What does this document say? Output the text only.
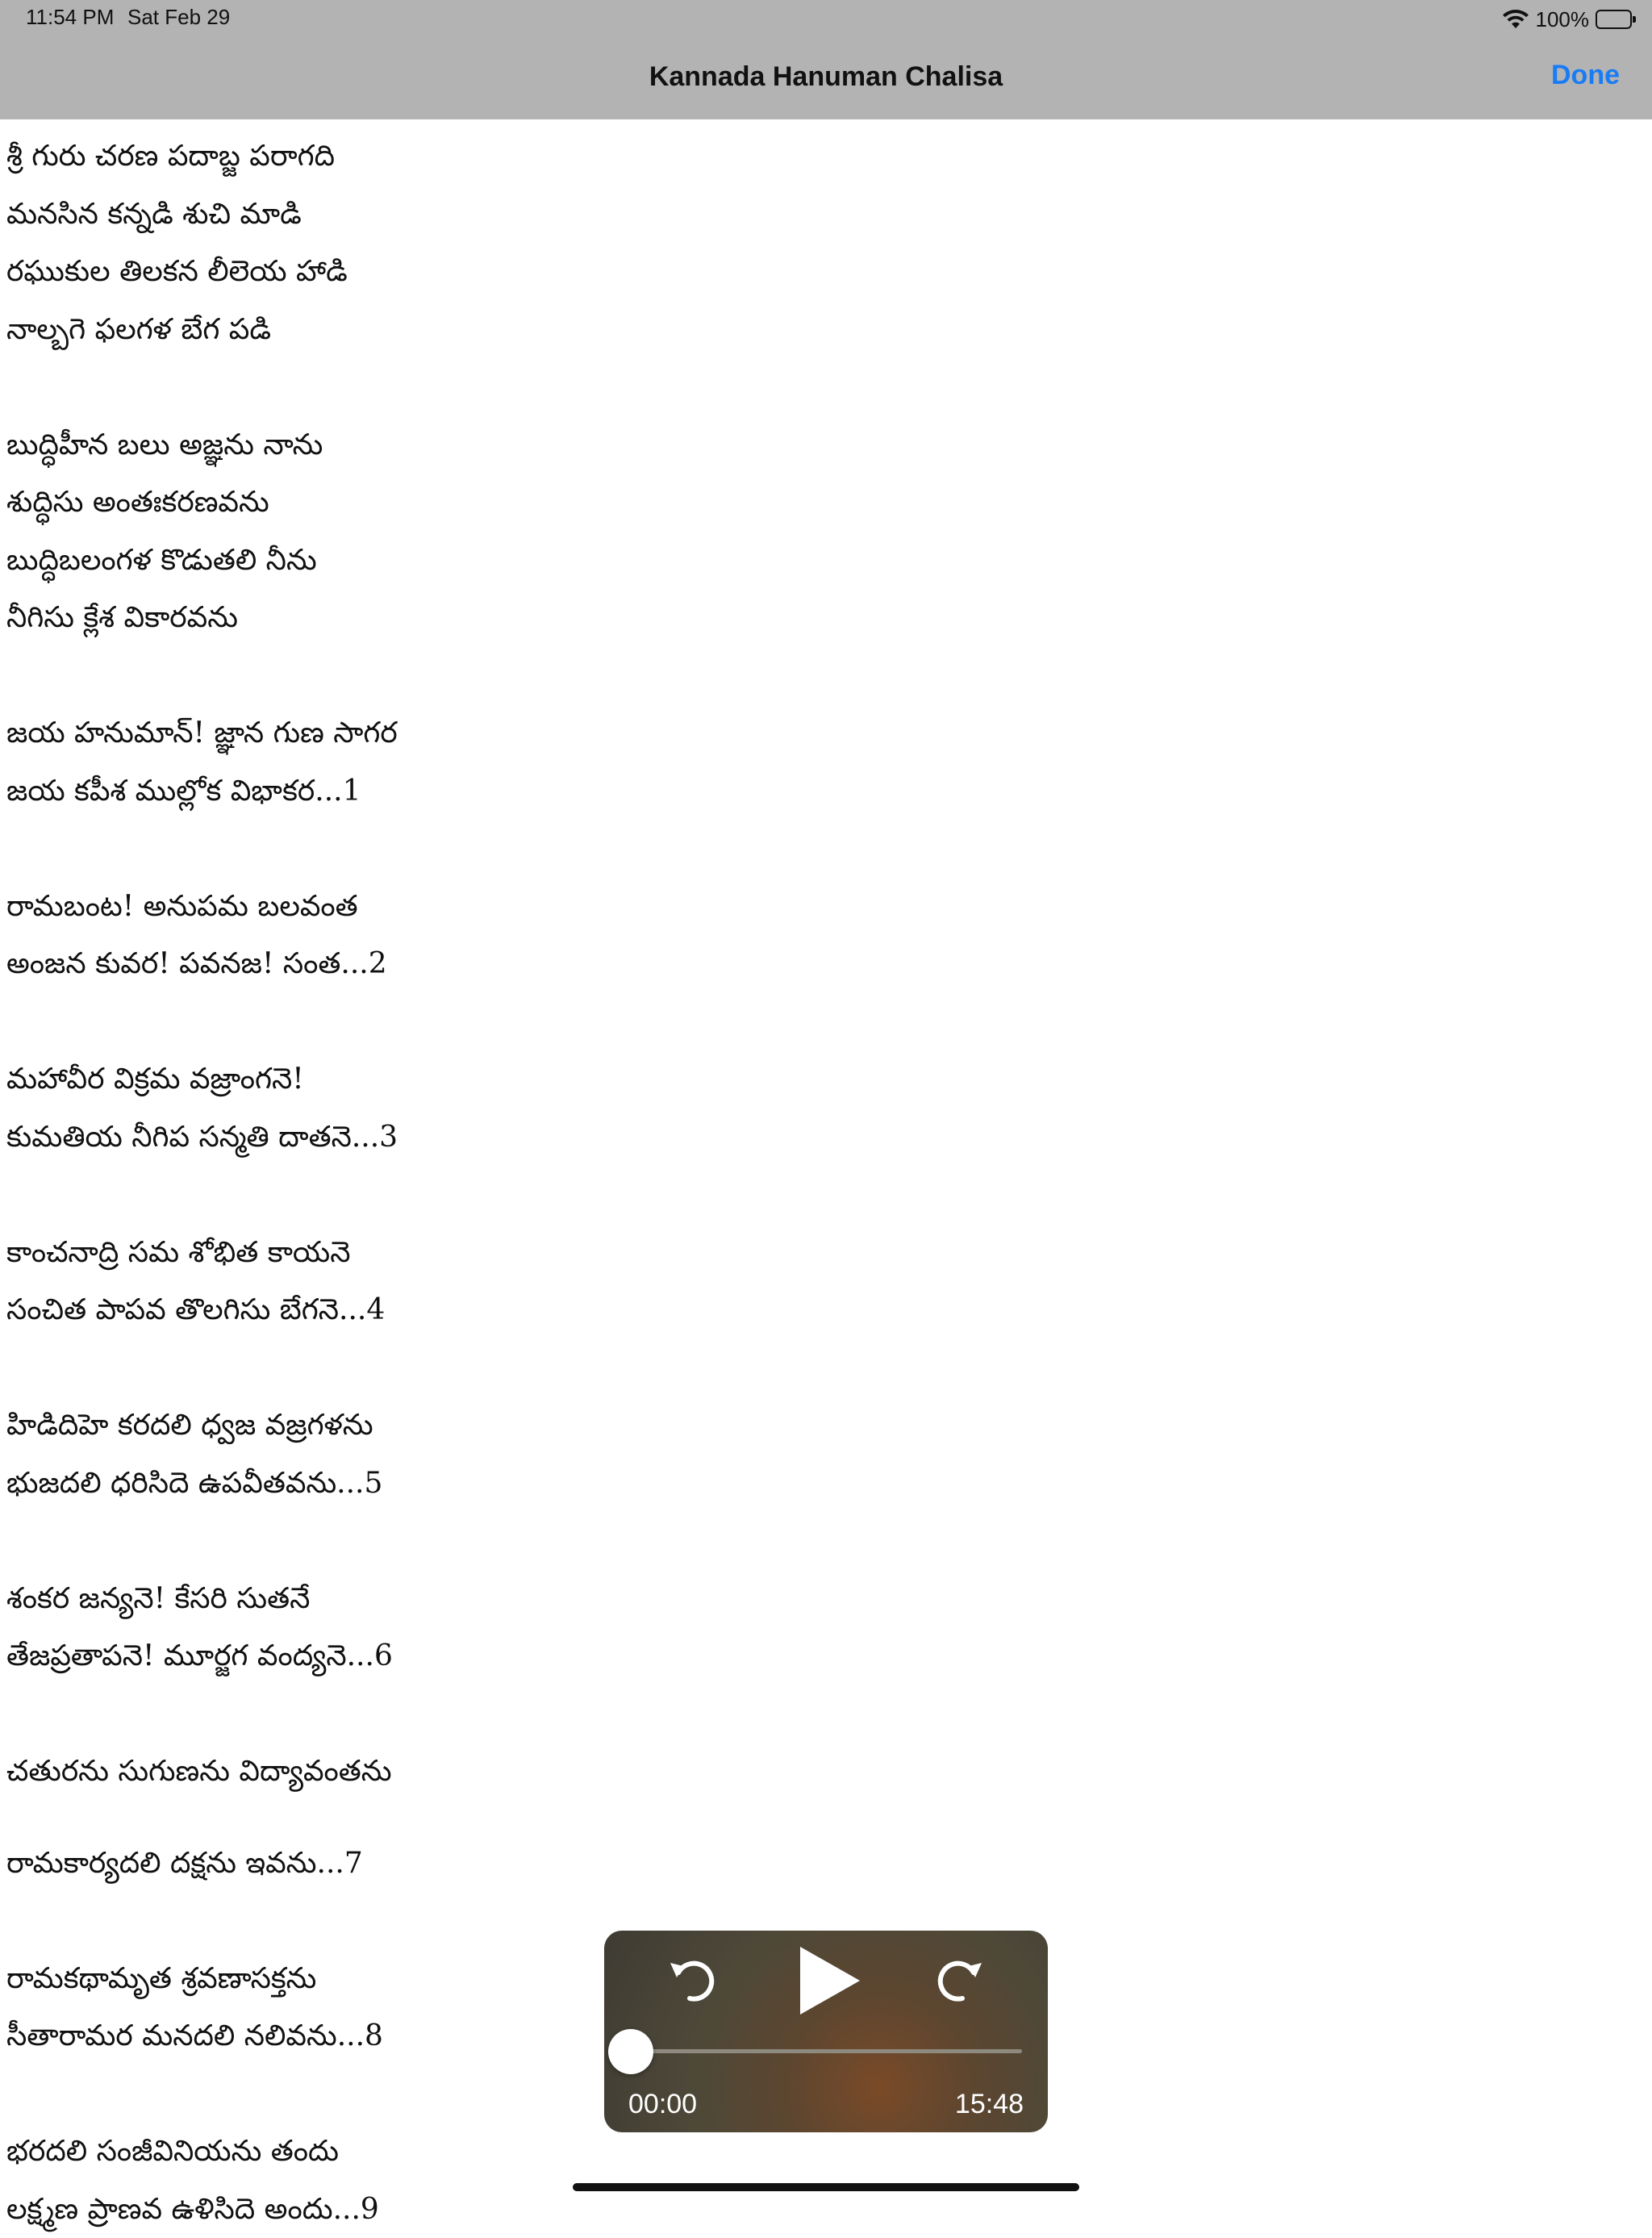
11:54 PM Sat Feb 29	100%
Kannada Hanuman Chalisa	Done
శ్రీ గురు చరణ పదాబ్జ పరాగది
మనసిన కన్నడి శుచి మాడి
రఘుకుల తిలకన లీలెయ హాడి
నాల్బగె ఫలగళ బేగ పడి
బుద్ధిహీన బలు అజ్ఞను నాను
శుద్ధిసు అంతఃకరణవను
బుద్ధిబలంగళ కొడుతలి నీను
నీగిసు క్లేశ వికారవను
జయ హనుమాన్! జ్ఞాన గుణ సాగర
జయ కపీశ ముల్లోక విభాకర...1
రామబంట! అనుపమ బలవంత
అంజన కువర! పవనజ! సంత...2
మహావీర విక్రమ వజ్రాంగనె!
కుమతియ నీగిప సన్మతి దాతనె...3
కాంచనాద్రి సమ శోభిత కాయనె
సంచిత పాపవ తొలగిసు బేగనె...4
హిడిదిహె కరదలి ధ్వజ వజ్రగళను
భుజదలి ధరిసిదె ఉపవీతవను...5
శంకర జన్యనె! కేసరి సుతనే
తేజప్రతాపనె! మూర్జగ వంద్యనె...6
చతురను సుగుణను విద్యావంతను
రామకార్యదలి దక్షను ఇవను...7
రామకథామృత శ్రవణాసక్తను
సీతారామర మనదలి నలివను...8
భరదలి సంజీవినియను తందు
లక్ష్మణ ప్రాణవ ఉళిసిదె అందు...9
00:00	15:48
